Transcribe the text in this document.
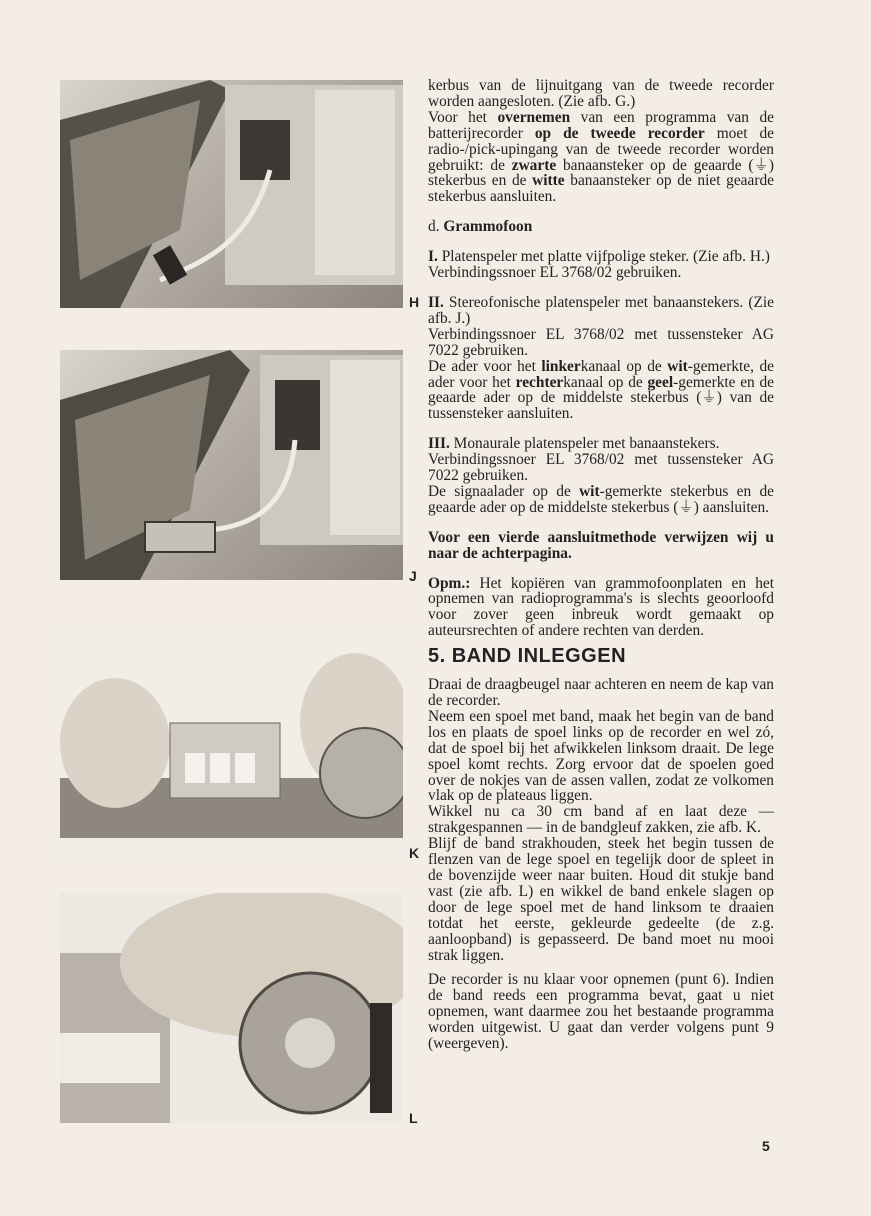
H
J
K
L

kerbus van de lijnuitgang van de tweede recorder worden aangesloten. (Zie afb. G.)

Voor het overnemen van een programma van de batterijrecorder op de tweede recorder moet de radio-/pick-upingang van de tweede recorder worden gebruikt: de zwarte banaansteker op de geaarde (⏚) stekerbus en de witte banaansteker op de niet geaarde stekerbus aansluiten.

d. Grammofoon

I. Platenspeler met platte vijfpolige steker. (Zie afb. H.)

Verbindingssnoer EL 3768/02 gebruiken.

II. Stereofonische platenspeler met banaanstekers. (Zie afb. J.)

Verbindingssnoer EL 3768/02 met tussensteker AG 7022 gebruiken.

De ader voor het linkerkanaal op de wit-gemerkte, de ader voor het rechterkanaal op de geel-gemerkte en de geaarde ader op de middelste stekerbus (⏚) van de tussensteker aansluiten.

III. Monaurale platenspeler met banaanstekers.

Verbindingssnoer EL 3768/02 met tussensteker AG 7022 gebruiken.

De signaalader op de wit-gemerkte stekerbus en de geaarde ader op de middelste stekerbus (⏚) aansluiten.

Voor een vierde aansluitmethode verwijzen wij u naar de achterpagina.

Opm.: Het kopiëren van grammofoonplaten en het opnemen van radioprogramma's is slechts geoorloofd voor zover geen inbreuk wordt gemaakt op auteursrechten of andere rechten van derden.

5. BAND INLEGGEN

Draai de draagbeugel naar achteren en neem de kap van de recorder.

Neem een spoel met band, maak het begin van de band los en plaats de spoel links op de recorder en wel zó, dat de spoel bij het afwikkelen linksom draait. De lege spoel komt rechts. Zorg ervoor dat de spoelen goed over de nokjes van de assen vallen, zodat ze volkomen vlak op de plateaus liggen.

Wikkel nu ca 30 cm band af en laat deze — strakgespannen — in de bandgleuf zakken, zie afb. K.

Blijf de band strakhouden, steek het begin tussen de flenzen van de lege spoel en tegelijk door de spleet in de bovenzijde weer naar buiten. Houd dit stukje band vast (zie afb. L) en wikkel de band enkele slagen op door de lege spoel met de hand linksom te draaien totdat het eerste, gekleurde gedeelte (de z.g. aanloopband) is gepasseerd. De band moet nu mooi strak liggen.

De recorder is nu klaar voor opnemen (punt 6). Indien de band reeds een programma bevat, gaat u niet opnemen, want daarmee zou het bestaande programma worden uitgewist. U gaat dan verder volgens punt 9 (weergeven).

5
